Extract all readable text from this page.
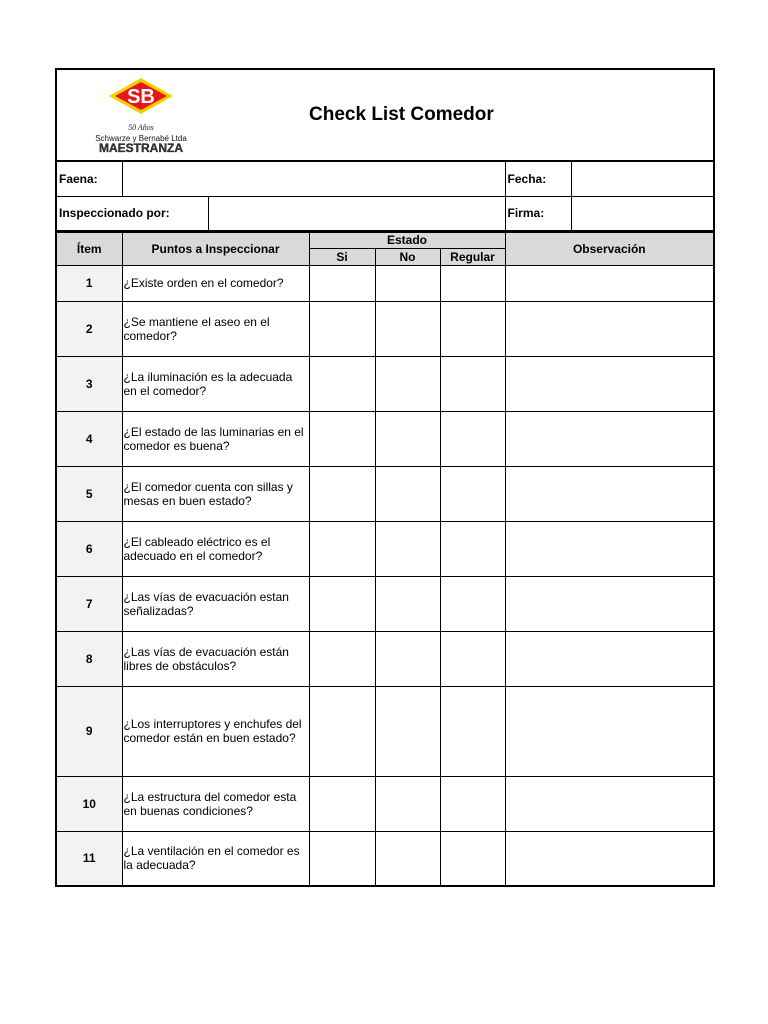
SB
50 Años
Schwarze y Bernabé Ltda
MAESTRANZA			Check List Comedor				

Faena:						Fecha:	
Inspeccionado por:						Firma:	
Ítem	Puntos a Inspeccionar		Estado			Observación	
			Si	No	Regular		
1	¿Existe orden en el comedor?						
2	¿Se mantiene el aseo en el comedor?						
3	¿La iluminación es la adecuada en el comedor?						
4	¿El estado de las luminarias en el comedor es buena?						
5	¿El comedor cuenta con sillas y mesas en buen estado?						
6	¿El cableado eléctrico es el adecuado en el comedor?						
7	¿Las vías de evacuación estan señalizadas?						
8	¿Las vías de evacuación están libres de obstáculos?						
9	¿Los interruptores y enchufes del comedor están en buen estado?						
10	¿La estructura del comedor esta en buenas condiciones?						
11	¿La ventilación en el comedor es la adecuada?						
